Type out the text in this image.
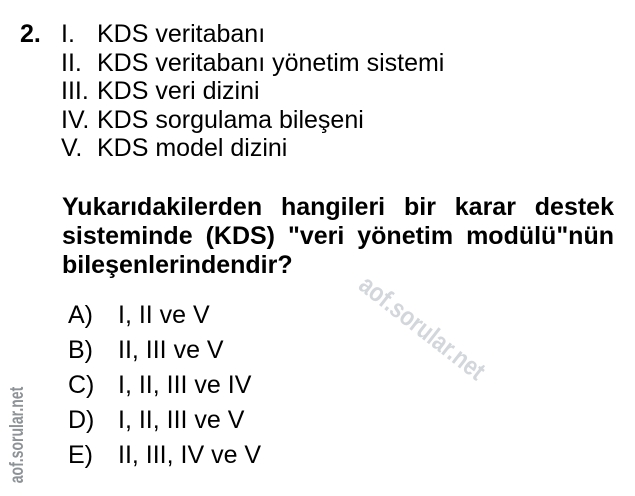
2. I. KDS veritabanı
II. KDS veritabanı yönetim sistemi
III. KDS veri dizini
IV. KDS sorgulama bileşeni
V. KDS model dizini
Yukarıdakilerden hangileri bir karar destek
sisteminde (KDS) "veri yönetim modülü"nün
bileşenlerindendir?
A)	I, II ve V
B)	II, III ve V
C) I, II, III ve IV
D) I, II, III ve V
E)	II, III, IV ve V
aof.sorular.net
aof.sorular.net
